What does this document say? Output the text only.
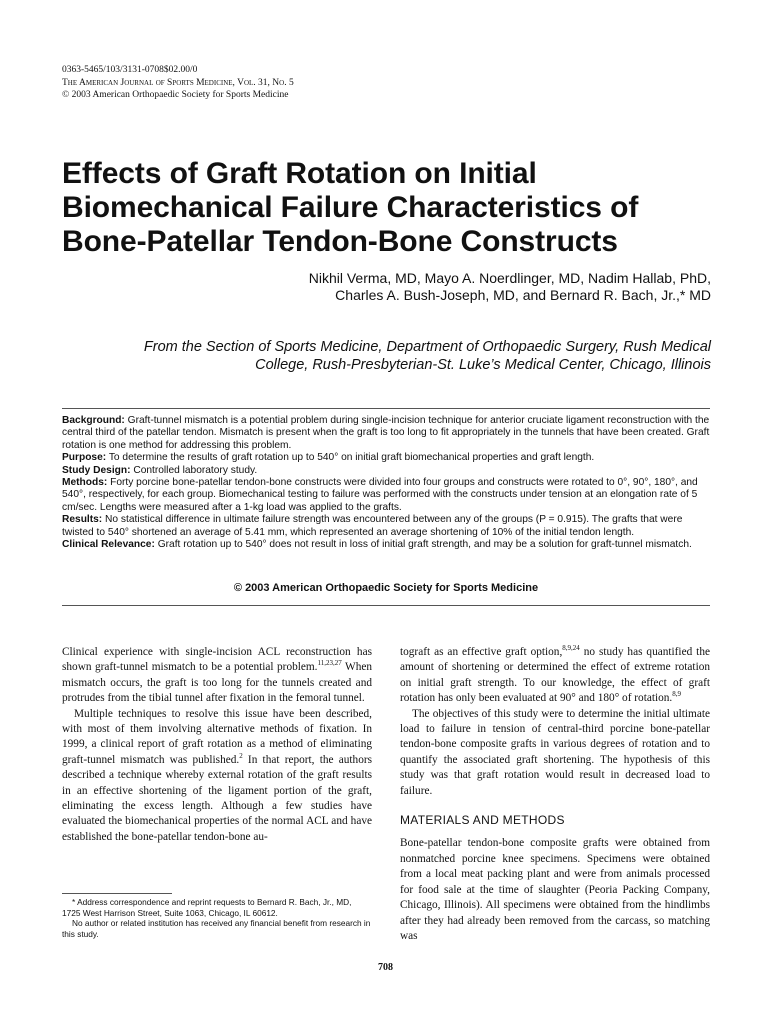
0363-5465/103/3131-0708$02.00/0
The American Journal of Sports Medicine, Vol. 31, No. 5
© 2003 American Orthopaedic Society for Sports Medicine
Effects of Graft Rotation on Initial
Biomechanical Failure Characteristics of
Bone-Patellar Tendon-Bone Constructs
Nikhil Verma, MD, Mayo A. Noerdlinger, MD, Nadim Hallab, PhD,
Charles A. Bush-Joseph, MD, and Bernard R. Bach, Jr.,* MD
From the Section of Sports Medicine, Department of Orthopaedic Surgery, Rush Medical
College, Rush-Presbyterian-St. Luke’s Medical Center, Chicago, Illinois

Background: Graft-tunnel mismatch is a potential problem during single-incision technique for anterior cruciate ligament reconstruction with the central third of the patellar tendon. Mismatch is present when the graft is too long to fit appropriately in the tunnels that have been created. Graft rotation is one method for addressing this problem.

Purpose: To determine the results of graft rotation up to 540° on initial graft biomechanical properties and graft length.

Study Design: Controlled laboratory study.

Methods: Forty porcine bone-patellar tendon-bone constructs were divided into four groups and constructs were rotated to 0°, 90°, 180°, and 540°, respectively, for each group. Biomechanical testing to failure was performed with the constructs under tension at an elongation rate of 5 cm/sec. Lengths were measured after a 1-kg load was applied to the grafts.

Results: No statistical difference in ultimate failure strength was encountered between any of the groups (P = 0.915). The grafts that were twisted to 540° shortened an average of 5.41 mm, which represented an average shortening of 10% of the initial tendon length.

Clinical Relevance: Graft rotation up to 540° does not result in loss of initial graft strength, and may be a solution for graft-tunnel mismatch.

© 2003 American Orthopaedic Society for Sports Medicine

Clinical experience with single-incision ACL reconstruction has shown graft-tunnel mismatch to be a potential problem.$^{11,23,27}$ When mismatch occurs, the graft is too long for the tunnels created and protrudes from the tibial tunnel after fixation in the femoral tunnel.

Multiple techniques to resolve this issue have been described, with most of them involving alternative methods of fixation. In 1999, a clinical report of graft rotation as a method of eliminating graft-tunnel mismatch was published.$^2$ In that report, the authors described a technique whereby external rotation of the graft results in an effective shortening of the ligament portion of the graft, eliminating the excess length. Although a few studies have evaluated the biomechanical properties of the normal ACL and have established the bone-patellar tendon-bone au-

tograft as an effective graft option,$^{8,9,24}$ no study has quantified the amount of shortening or determined the effect of extreme rotation on initial graft strength. To our knowledge, the effect of graft rotation has only been evaluated at 90° and 180° of rotation.$^{8,9}$

The objectives of this study were to determine the initial ultimate load to failure in tension of central-third porcine bone-patellar tendon-bone composite grafts in various degrees of rotation and to quantify the associated graft shortening. The hypothesis of this study was that graft rotation would result in decreased load to failure.

MATERIALS AND METHODS

Bone-patellar tendon-bone composite grafts were obtained from nonmatched porcine knee specimens. Specimens were obtained from a local meat packing plant and were from animals processed for food sale at the time of slaughter (Peoria Packing Company, Chicago, Illinois). All specimens were obtained from the hindlimbs after they had already been removed from the carcass, so matching was

* Address correspondence and reprint requests to Bernard R. Bach, Jr., MD, 1725 West Harrison Street, Suite 1063, Chicago, IL 60612.

No author or related institution has received any financial benefit from research in this study.

708
